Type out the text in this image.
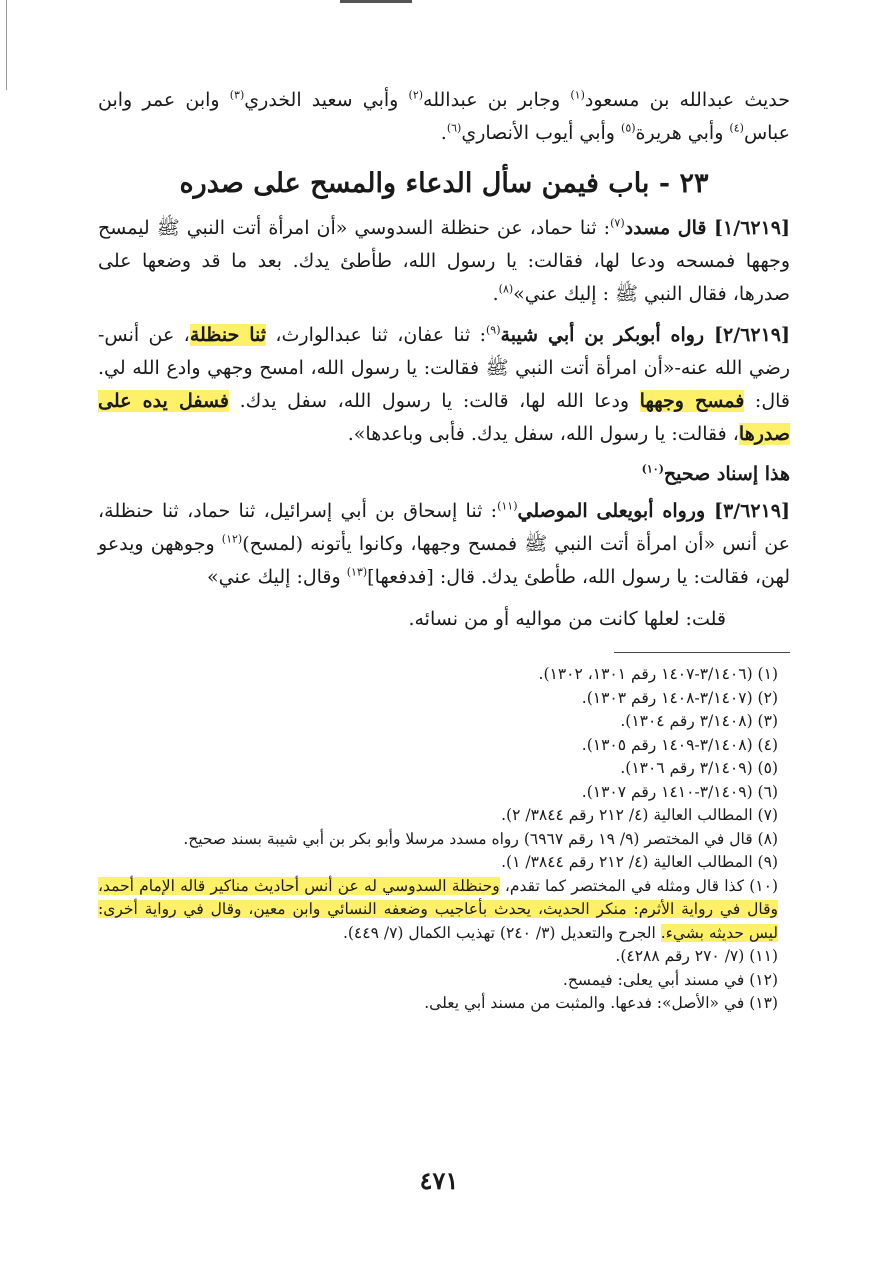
حديث عبدالله بن مسعود$^{(١)}$ وجابر بن عبدالله$^{(٢)}$ وأبي سعيد الخدري$^{(٣)}$ وابن عمر وابن عباس$^{(٤)}$ وأبي هريرة$^{(٥)}$ وأبي أيوب الأنصاري$^{(٦)}$.

٢٣ - باب فيمن سأل الدعاء والمسح على صدره

[١/٦٢١٩] قال مسدد$^{(٧)}$: ثنا حماد، عن حنظلة السدوسي «أن امرأة أتت النبي ﷺ ليمسح وجهها فمسحه ودعا لها، فقالت: يا رسول الله، طأطئ يدك. بعد ما قد وضعها على صدرها، فقال النبي ﷺ : إليك عني»$^{(٨)}$.

[٢/٦٢١٩] رواه أبوبكر بن أبي شيبة$^{(٩)}$: ثنا عفان، ثنا عبدالوارث، ثنا حنظلة، عن أنس- رضي الله عنه-«أن امرأة أتت النبي ﷺ فقالت: يا رسول الله، امسح وجهي وادع الله لي. قال: فمسح وجهها ودعا الله لها، قالت: يا رسول الله، سفل يدك. فسفل يده على صدرها، فقالت: يا رسول الله، سفل يدك. فأبى وباعدها».

هذا إسناد صحيح$^{(١٠)}$

[٣/٦٢١٩] ورواه أبويعلى الموصلي$^{(١١)}$: ثنا إسحاق بن أبي إسرائيل، ثنا حماد، ثنا حنظلة، عن أنس «أن امرأة أتت النبي ﷺ فمسح وجهها، وكانوا يأتونه (لمسح)$^{(١٢)}$ وجوههن ويدعو لهن، فقالت: يا رسول الله، طأطئ يدك. قال: [فدفعها]$^{(١٣)}$ وقال: إليك عني»

قلت: لعلها كانت من مواليه أو من نسائه.

(١) (٣/١٤٠٦-١٤٠٧ رقم ١٣٠١، ١٣٠٢).
(٢) (٣/١٤٠٧-١٤٠٨ رقم ١٣٠٣).
(٣) (٣/١٤٠٨ رقم ١٣٠٤).
(٤) (٣/١٤٠٨-١٤٠٩ رقم ١٣٠٥).
(٥) (٣/١٤٠٩ رقم ١٣٠٦).
(٦) (٣/١٤٠٩-١٤١٠ رقم ١٣٠٧).
(٧) المطالب العالية (٤/ ٢١٢ رقم ٣٨٤٤/ ٢).
(٨) قال في المختصر (٩/ ١٩ رقم ٦٩٦٧) رواه مسدد مرسلا وأبو بكر بن أبي شيبة بسند صحيح.
(٩) المطالب العالية (٤/ ٢١٢ رقم ٣٨٤٤/ ١).
(١٠) كذا قال ومثله في المختصر كما تقدم، وحنظلة السدوسي له عن أنس أحاديث مناكير قاله الإمام أحمد، وقال في رواية الأثرم: منكر الحديث، يحدث بأعاجيب وضعفه النسائي وابن معين، وقال في رواية أخرى: ليس حديثه بشيء. الجرح والتعديل (٣/ ٢٤٠) تهذيب الكمال (٧/ ٤٤٩).
(١١) (٧/ ٢٧٠ رقم ٤٢٨٨).
(١٢) في مسند أبي يعلى: فيمسح.
(١٣) في «الأصل»: فدعها. والمثبت من مسند أبي يعلى.
٤٧١
